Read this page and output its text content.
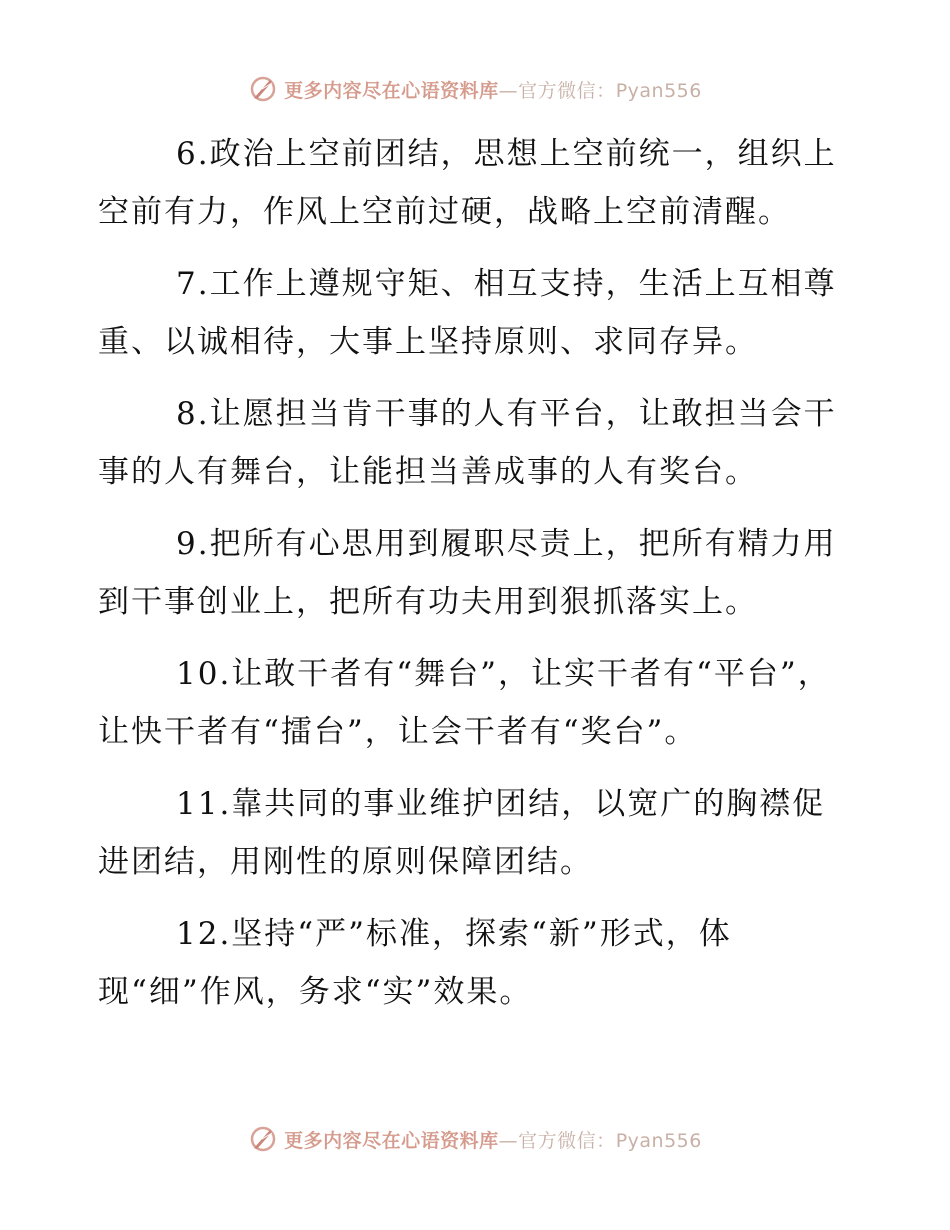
更多内容尽在心语资料库—官方微信：Pyan556

6.政治上空前团结，思想上空前统一，组织上空前有力，作风上空前过硬，战略上空前清醒。

7.工作上遵规守矩、相互支持，生活上互相尊重、以诚相待，大事上坚持原则、求同存异。

8.让愿担当肯干事的人有平台，让敢担当会干事的人有舞台，让能担当善成事的人有奖台。

9.把所有心思用到履职尽责上，把所有精力用到干事创业上，把所有功夫用到狠抓落实上。

10.让敢干者有“舞台”，让实干者有“平台”，让快干者有“擂台”，让会干者有“奖台”。

11.靠共同的事业维护团结，以宽广的胸襟促进团结，用刚性的原则保障团结。

12.坚持“严”标准，探索“新”形式，体现“细”作风，务求“实”效果。

更多内容尽在心语资料库—官方微信：Pyan556
